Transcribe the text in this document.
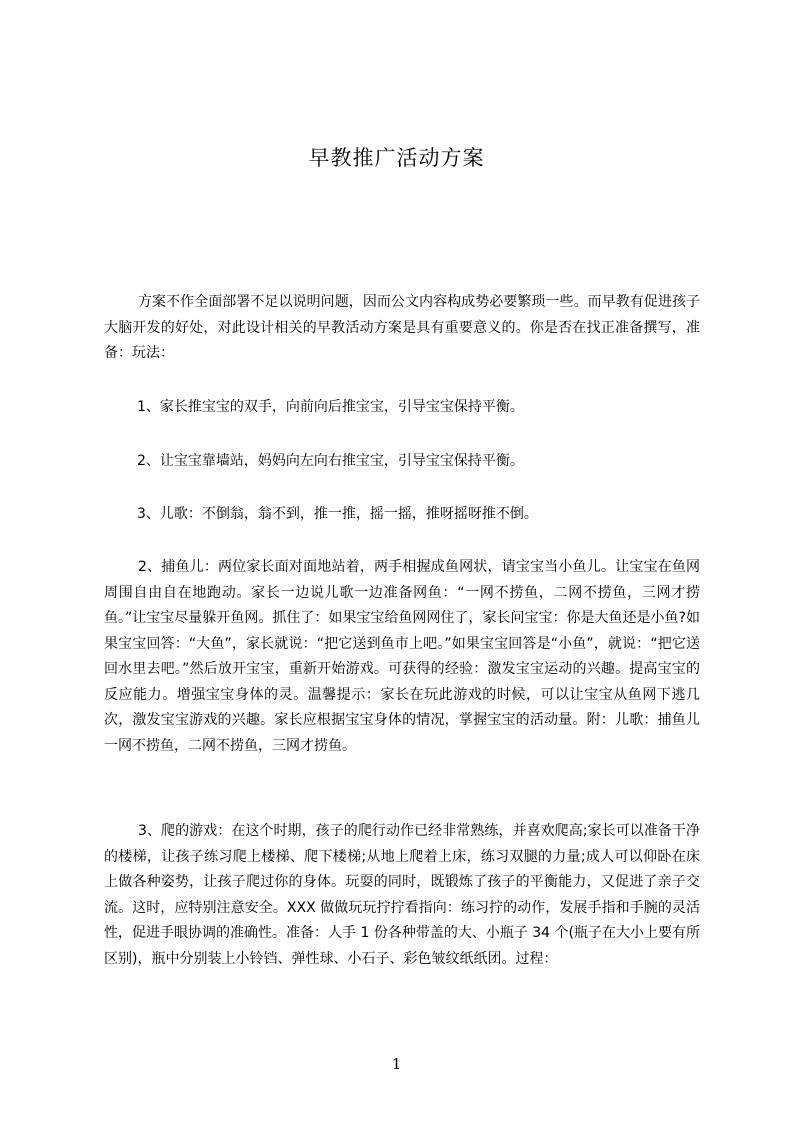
早教推广活动方案

方案不作全面部署不足以说明问题，因而公文内容构成势必要繁琐一些。而早教有促进孩子大脑开发的好处，对此设计相关的早教活动方案是具有重要意义的。你是否在找正准备撰写，准备：玩法：

1、家长推宝宝的双手，向前向后推宝宝，引导宝宝保持平衡。

2、让宝宝靠墙站，妈妈向左向右推宝宝，引导宝宝保持平衡。

3、儿歌：不倒翁，翁不到，推一推，摇一摇，推呀摇呀推不倒。

2、捕鱼儿：两位家长面对面地站着，两手相握成鱼网状，请宝宝当小鱼儿。让宝宝在鱼网周围自由自在地跑动。家长一边说儿歌一边准备网鱼：“一网不捞鱼，二网不捞鱼，三网才捞鱼。”让宝宝尽量躲开鱼网。抓住了：如果宝宝给鱼网网住了，家长问宝宝：你是大鱼还是小鱼?如果宝宝回答：“大鱼”，家长就说：“把它送到鱼市上吧。”如果宝宝回答是“小鱼”，就说：“把它送回水里去吧。”然后放开宝宝，重新开始游戏。可获得的经验：激发宝宝运动的兴趣。提高宝宝的反应能力。增强宝宝身体的灵。温馨提示：家长在玩此游戏的时候，可以让宝宝从鱼网下逃几次，激发宝宝游戏的兴趣。家长应根据宝宝身体的情况，掌握宝宝的活动量。附：儿歌：捕鱼儿一网不捞鱼，二网不捞鱼，三网才捞鱼。

3、爬的游戏：在这个时期，孩子的爬行动作已经非常熟练，并喜欢爬高;家长可以准备干净的楼梯，让孩子练习爬上楼梯、爬下楼梯;从地上爬着上床，练习双腿的力量;成人可以仰卧在床上做各种姿势，让孩子爬过你的身体。玩耍的同时，既锻炼了孩子的平衡能力，又促进了亲子交流。这时，应特别注意安全。XXX 做做玩玩拧拧看指向：练习拧的动作，发展手指和手腕的灵活性，促进手眼协调的准确性。准备：人手 1 份各种带盖的大、小瓶子 34 个(瓶子在大小上要有所区别)，瓶中分别装上小铃铛、弹性球、小石子、彩色皱纹纸纸团。过程：

1
